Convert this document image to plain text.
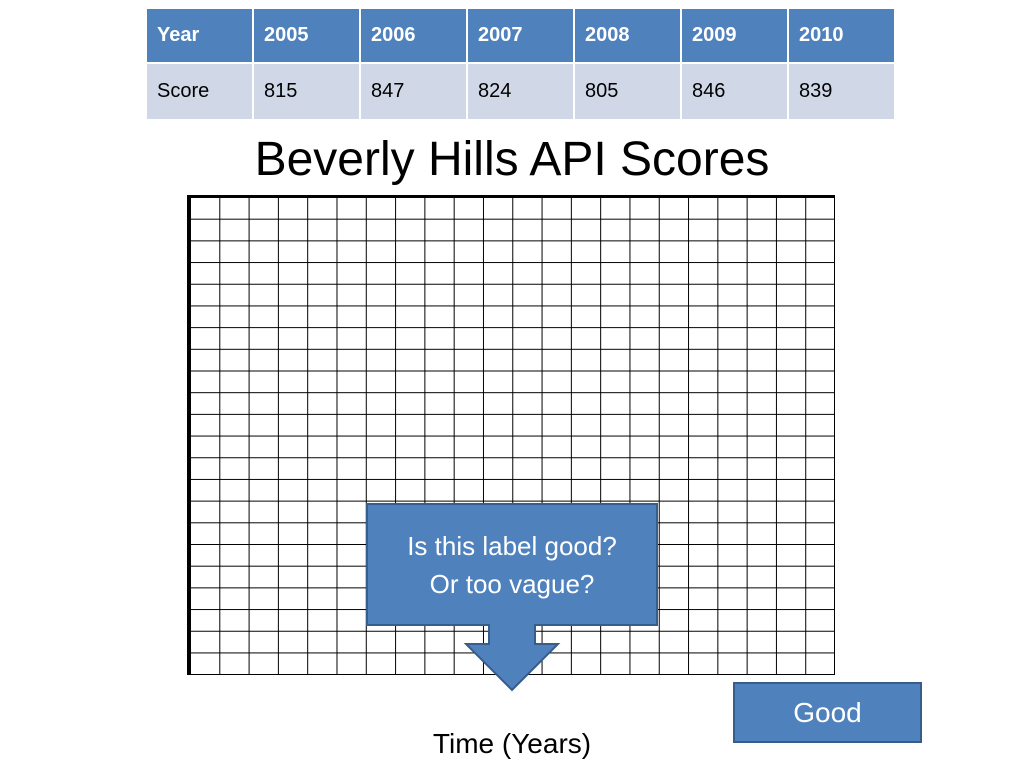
Year	2005	2006	2007	2008	2009	2010
Score	815	847	824	805	846	839
Beverly Hills API Scores
Is this label good?
Or too vague?
Good
Time (Years)
